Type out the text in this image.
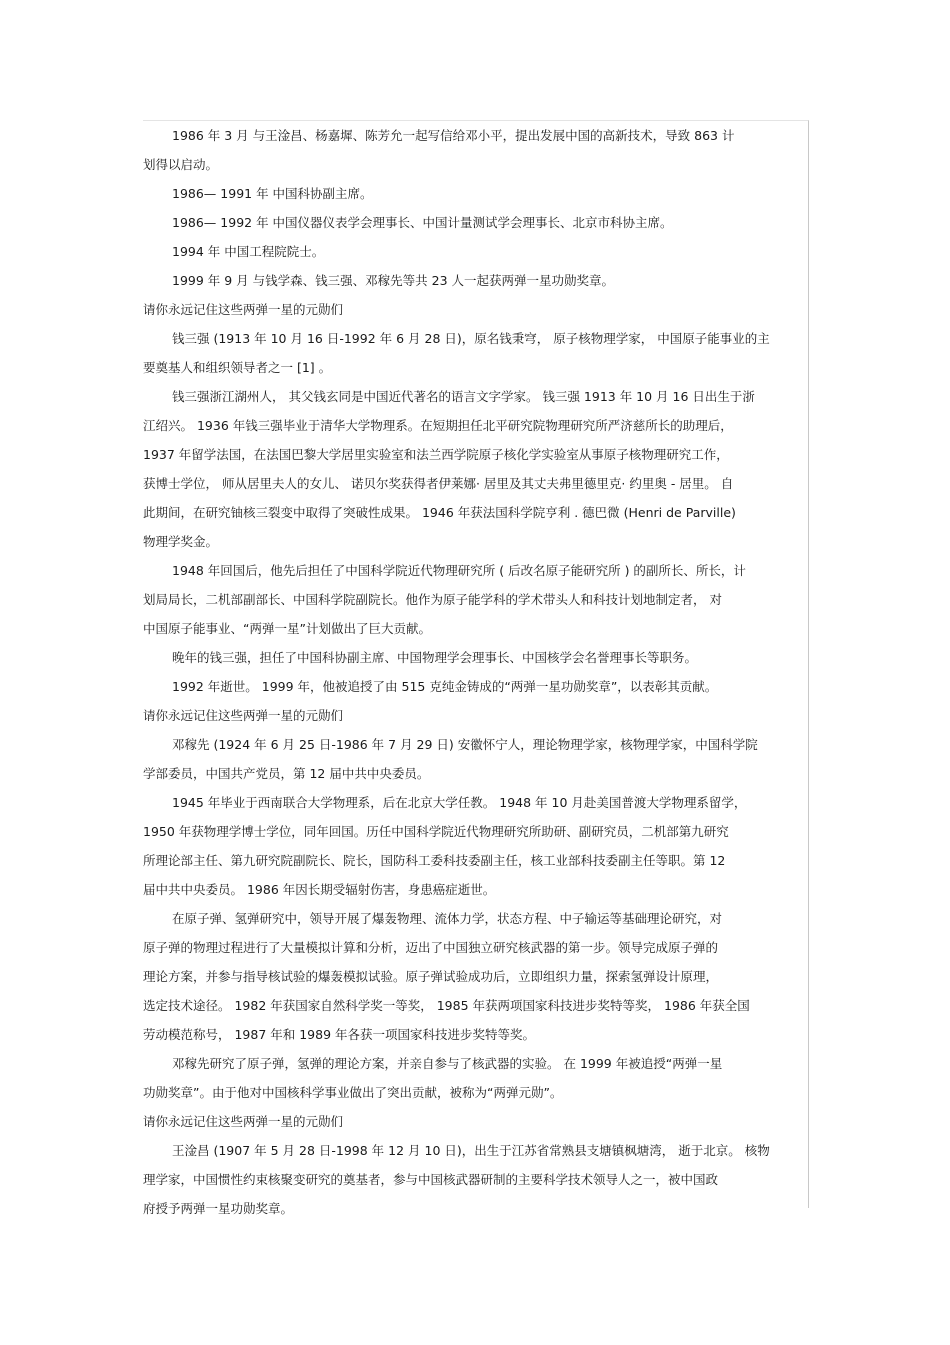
1986 年 3 月 与王淦昌、杨嘉墀、陈芳允一起写信给邓小平，提出发展中国的高新技术，导致 863 计

划得以启动。

1986— 1991 年 中国科协副主席。

1986— 1992 年 中国仪器仪表学会理事长、中国计量测试学会理事长、北京市科协主席。

1994 年 中国工程院院士。

1999 年 9 月 与钱学森、钱三强、邓稼先等共 23 人一起获两弹一星功勋奖章。

请你永远记住这些两弹一星的元勋们

钱三强 (1913 年 10 月 16 日-1992 年 6 月 28 日)，原名钱秉穹， 原子核物理学家， 中国原子能事业的主

要奠基人和组织领导者之一 [1] 。

钱三强浙江湖州人， 其父钱玄同是中国近代著名的语言文字学家。 钱三强 1913 年 10 月 16 日出生于浙

江绍兴。 1936 年钱三强毕业于清华大学物理系。在短期担任北平研究院物理研究所严济慈所长的助理后，

1937 年留学法国，在法国巴黎大学居里实验室和法兰西学院原子核化学实验室从事原子核物理研究工作，

获博士学位， 师从居里夫人的女儿、 诺贝尔奖获得者伊莱娜· 居里及其丈夫弗里德里克· 约里奥 - 居里。 自

此期间，在研究铀核三裂变中取得了突破性成果。 1946 年获法国科学院亨利 . 德巴微 (Henri de Parville)

物理学奖金。

1948 年回国后，他先后担任了中国科学院近代物理研究所 ( 后改名原子能研究所 ) 的副所长、所长，计

划局局长，二机部副部长、中国科学院副院长。他作为原子能学科的学术带头人和科技计划地制定者， 对

中国原子能事业、“两弹一星”计划做出了巨大贡献。

晚年的钱三强，担任了中国科协副主席、中国物理学会理事长、中国核学会名誉理事长等职务。

1992 年逝世。 1999 年，他被追授了由 515 克纯金铸成的“两弹一星功勋奖章”，以表彰其贡献。

请你永远记住这些两弹一星的元勋们

邓稼先 (1924 年 6 月 25 日-1986 年 7 月 29 日) 安徽怀宁人，理论物理学家，核物理学家，中国科学院

学部委员，中国共产党员，第 12 届中共中央委员。

1945 年毕业于西南联合大学物理系，后在北京大学任教。 1948 年 10 月赴美国普渡大学物理系留学，

1950 年获物理学博士学位，同年回国。历任中国科学院近代物理研究所助研、副研究员，二机部第九研究

所理论部主任、第九研究院副院长、院长，国防科工委科技委副主任，核工业部科技委副主任等职。第 12

届中共中央委员。 1986 年因长期受辐射伤害，身患癌症逝世。

在原子弹、氢弹研究中，领导开展了爆轰物理、流体力学，状态方程、中子输运等基础理论研究，对

原子弹的物理过程进行了大量模拟计算和分析，迈出了中国独立研究核武器的第一步。领导完成原子弹的

理论方案，并参与指导核试验的爆轰模拟试验。原子弹试验成功后，立即组织力量，探索氢弹设计原理，

选定技术途径。 1982 年获国家自然科学奖一等奖， 1985 年获两项国家科技进步奖特等奖， 1986 年获全国

劳动模范称号， 1987 年和 1989 年各获一项国家科技进步奖特等奖。

邓稼先研究了原子弹，氢弹的理论方案，并亲自参与了核武器的实验。 在 1999 年被追授“两弹一星

功勋奖章”。由于他对中国核科学事业做出了突出贡献，被称为“两弹元勋”。

请你永远记住这些两弹一星的元勋们

王淦昌 (1907 年 5 月 28 日-1998 年 12 月 10 日)，出生于江苏省常熟县支塘镇枫塘湾， 逝于北京。 核物

理学家，中国惯性约束核聚变研究的奠基者，参与中国核武器研制的主要科学技术领导人之一，被中国政

府授予两弹一星功勋奖章。
